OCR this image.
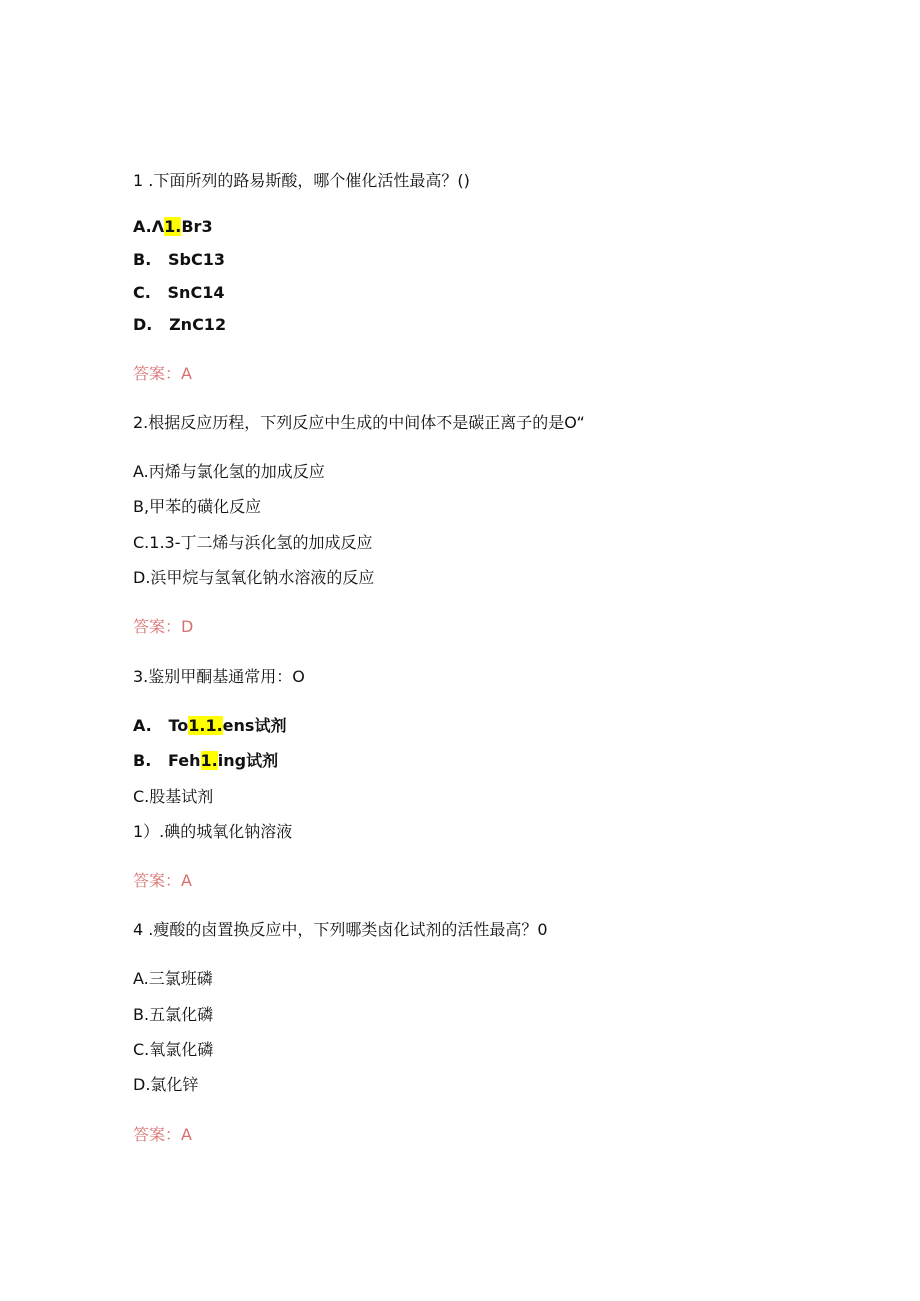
1 .下面所列的路易斯酸，哪个催化活性最高？()
A.Λ1.Br3
B.   SbC13
C.   SnC14
D.   ZnC12
答案：A
2.根据反应历程，下列反应中生成的中间体不是碳正离子的是O“
A.丙烯与氯化氢的加成反应
B,甲苯的磺化反应
C.1.3-丁二烯与浜化氢的加成反应
D.浜甲烷与氢氧化钠水溶液的反应
答案：D
3.鉴别甲酮基通常用：O
A.   To1.1.ens试剂
B.   Feh1.ing试剂
C.股基试剂
1）.碘的城氧化钠溶液
答案：A
4 .瘦酸的卤置换反应中，下列哪类卤化试剂的活性最高？0
A.三氯班磷
B.五氯化磷
C.氧氯化磷
D.氯化锌
答案：A
